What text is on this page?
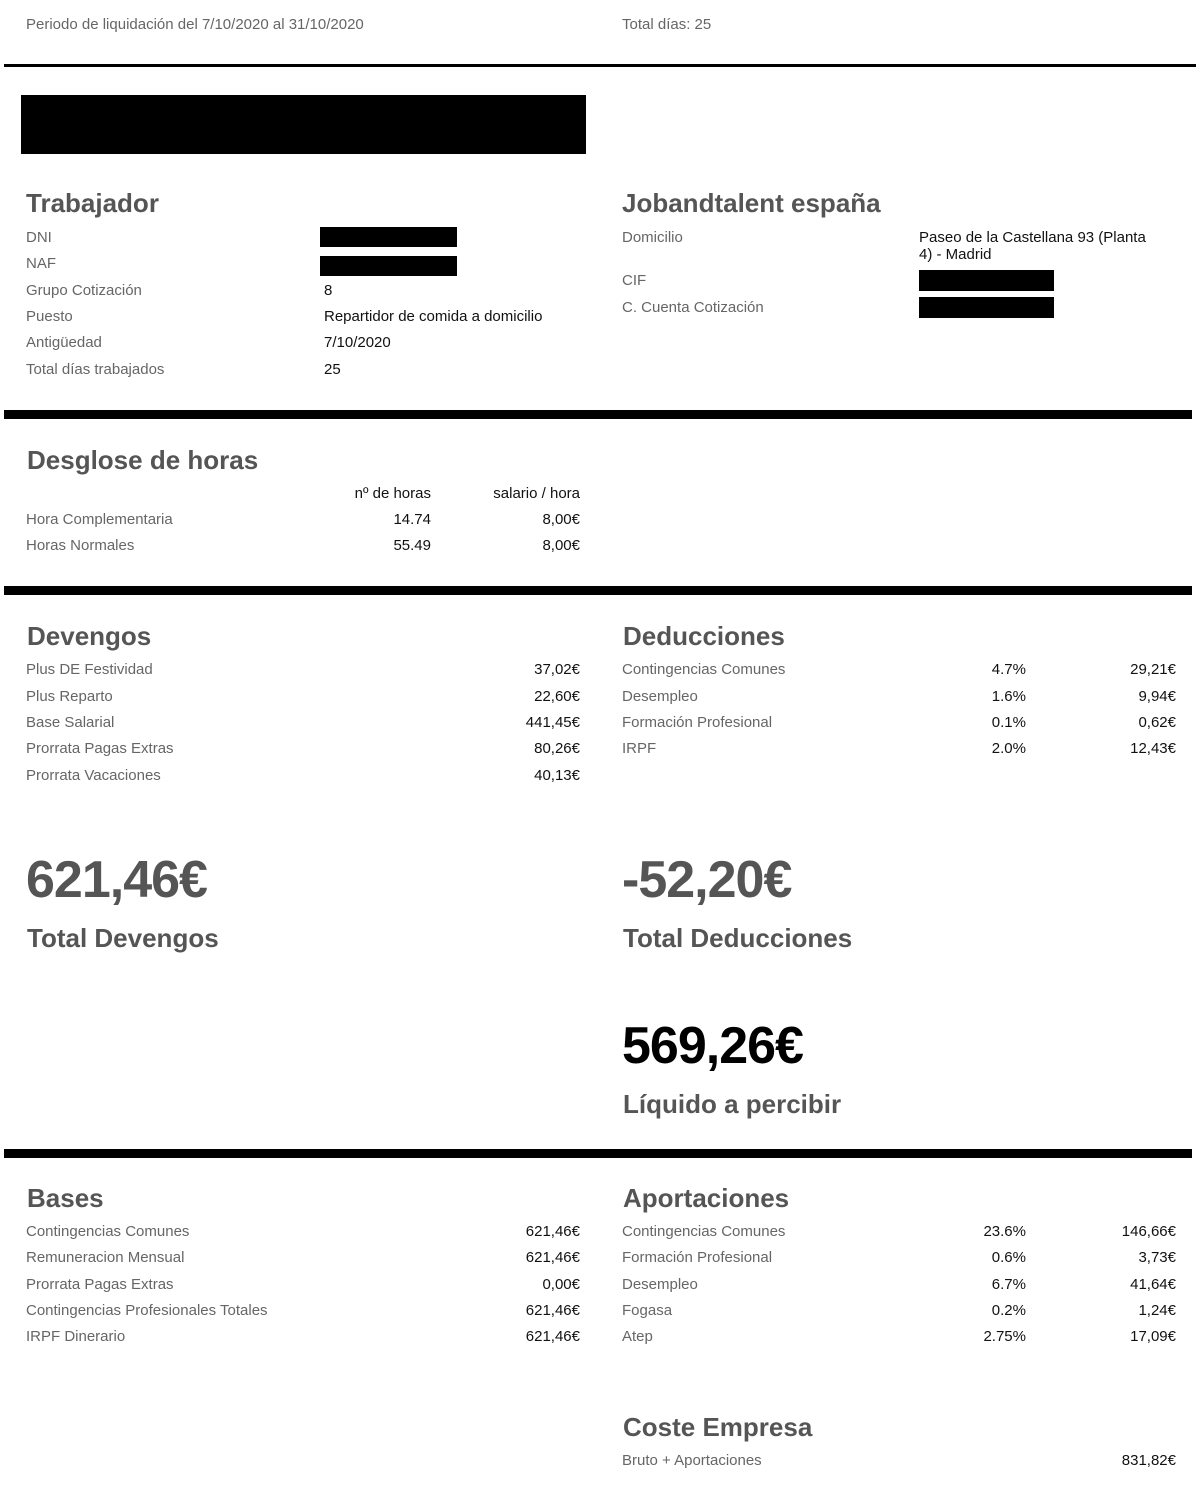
Periodo de liquidación del 7/10/2020 al 31/10/2020	Total días: 25
Trabajador
DNI
NAF
Grupo Cotización	8
Puesto	Repartidor de comida a domicilio
Antigüedad	7/10/2020
Total días trabajados	25
Jobandtalent españa
Domicilio	Paseo de la Castellana 93 (Planta
4) - Madrid
CIF
C. Cuenta Cotización
Desglose de horas
nº de horas	salario / hora
Hora Complementaria	14.74	8,00€
Horas Normales	55.49	8,00€
Devengos
Plus DE Festividad	37,02€
Plus Reparto	22,60€
Base Salarial	441,45€
Prorrata Pagas Extras	80,26€
Prorrata Vacaciones	40,13€
Deducciones
Contingencias Comunes	4.7%	29,21€
Desempleo	1.6%	9,94€
Formación Profesional	0.1%	0,62€
IRPF	2.0%	12,43€
621,46€
Total Devengos
-52,20€
Total Deducciones
569,26€
Líquido a percibir
Bases
Contingencias Comunes	621,46€
Remuneracion Mensual	621,46€
Prorrata Pagas Extras	0,00€
Contingencias Profesionales Totales	621,46€
IRPF Dinerario	621,46€
Aportaciones
Contingencias Comunes	23.6%	146,66€
Formación Profesional	0.6%	3,73€
Desempleo	6.7%	41,64€
Fogasa	0.2%	1,24€
Atep	2.75%	17,09€
Coste Empresa
Bruto + Aportaciones	831,82€
